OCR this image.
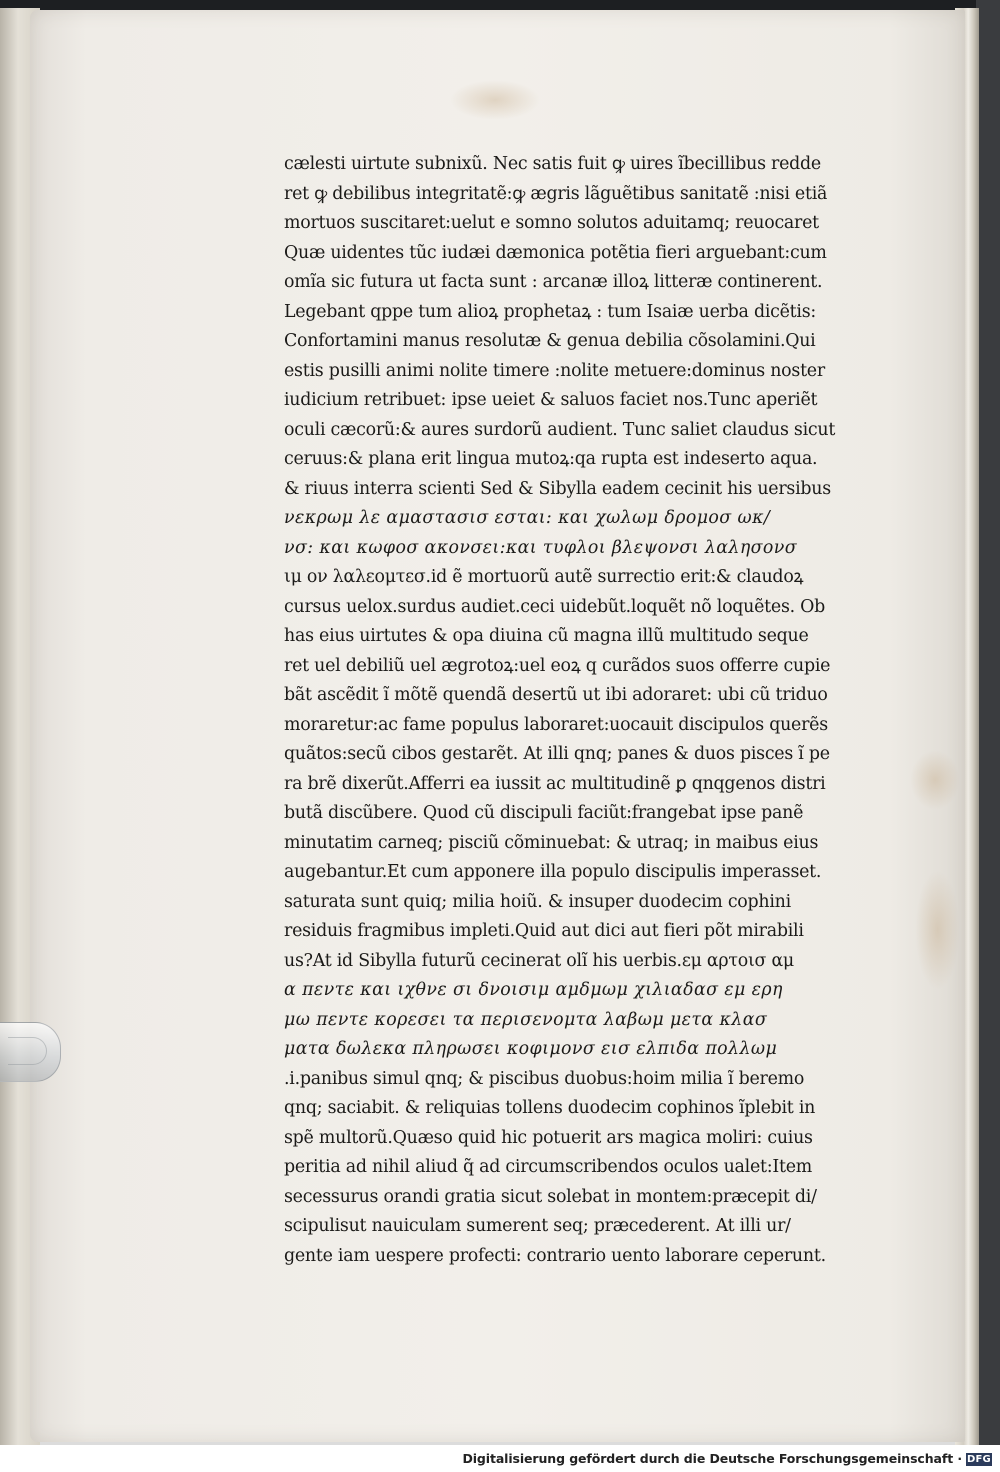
cælesti uirtute subnixũ. Nec satis fuit ꝙ uires ĩbecillibus redde
ret ꝙ debilibus integritatẽ:ꝙ ægris lãguẽtibus sanitatẽ :nisi etiã
mortuos suscitaret:uelut e somno solutos aduitamq; reuocaret
Quæ uidentes tũc iudæi dæmonica potẽtia fieri arguebant:cum
omĩa sic futura ut facta sunt : arcanæ illoꝝ litteræ continerent.
Legebant qppe tum alioꝝ prophetaꝝ : tum Isaiæ uerba dicẽtis:
Confortamini manus resolutæ & genua debilia cõsolamini.Qui
estis pusilli animi nolite timere :nolite metuere:dominus noster
iudicium retribuet: ipse ueiet & saluos faciet nos.Tunc aperiẽt
oculi cæcorũ:& aures surdorũ audient. Tunc saliet claudus sicut
ceruus:& plana erit lingua mutoꝝ:qa rupta est indeserto aqua.
& riuus interra scienti Sed & Sibylla eadem cecinit his uersibus
νεκρωμ λε αμαστασισ εσται: και χωλωμ δρομοσ ωκ/
νσ: και κωφοσ ακονσει:και τυφλοι βλεψονσι λαλησονσ
ιμ ον λαλεομτεσ.id ẽ mortuorũ autẽ surrectio erit:& claudoꝝ
cursus uelox.surdus audiet.ceci uidebũt.loquẽt nõ loquẽtes. Ob
has eius uirtutes & opa diuina cũ magna illũ multitudo seque
ret uel debiliũ uel ægrotoꝝ:uel eoꝝ q curãdos suos offerre cupie
bãt ascẽdit ĩ mõtẽ quendã desertũ ut ibi adoraret: ubi cũ triduo
moraretur:ac fame populus laboraret:uocauit discipulos querẽs
quãtos:secũ cibos gestarẽt. At illi qnq; panes & duos pisces ĩ pe
ra brẽ dixerũt.Afferri ea iussit ac multitudinẽ ꝑ qnqgenos distri
butã discũbere. Quod cũ discipuli faciũt:frangebat ipse panẽ
minutatim carneq; pisciũ cõminuebat: & utraq; in maibus eius
augebantur.Et cum apponere illa populo discipulis imperasset.
saturata sunt quiq; milia hoiũ. & insuper duodecim cophini
residuis fragmibus impleti.Quid aut dici aut fieri põt mirabili
us?At id Sibylla futurũ cecinerat olĩ his uerbis.εμ αρτοισ αμ
α πεντε και ιχθνε σι δνοισιμ αμδμωμ χιλιαδασ εμ ερη
μω πεντε κορεσει τα περισενομτα λαβωμ μετα κλασ
ματα δωλεκα πληρωσει κοφιμονσ εισ ελπιδα πολλωμ
.i.panibus simul qnq; & piscibus duobus:hoim milia ĩ beremo
qnq; saciabit. & reliquias tollens duodecim cophinos ĩplebit in
spẽ multorũ.Quæso quid hic potuerit ars magica moliri: cuius
peritia ad nihil aliud q̃ ad circumscribendos oculos ualet:Item
secessurus orandi gratia sicut solebat in montem:præcepit di/
scipulisut nauiculam sumerent seq; præcederent. At illi ur/
gente iam uespere profecti: contrario uento laborare ceperunt.
Digitalisierung gefördert durch die Deutsche Forschungsgemeinschaft · DFG
